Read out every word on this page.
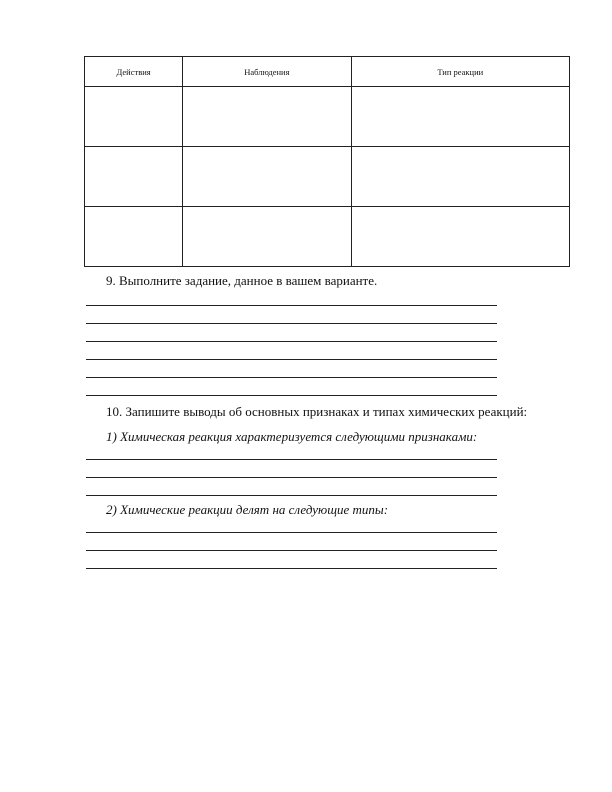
Действия	Наблюдения	Тип реакции

9. Выполните задание, данное в вашем варианте.
10. Запишите выводы об основных признаках и типах химических реакций:
1) Химическая реакция характеризуется следующими признаками:
2) Химические реакции делят на следующие типы:
